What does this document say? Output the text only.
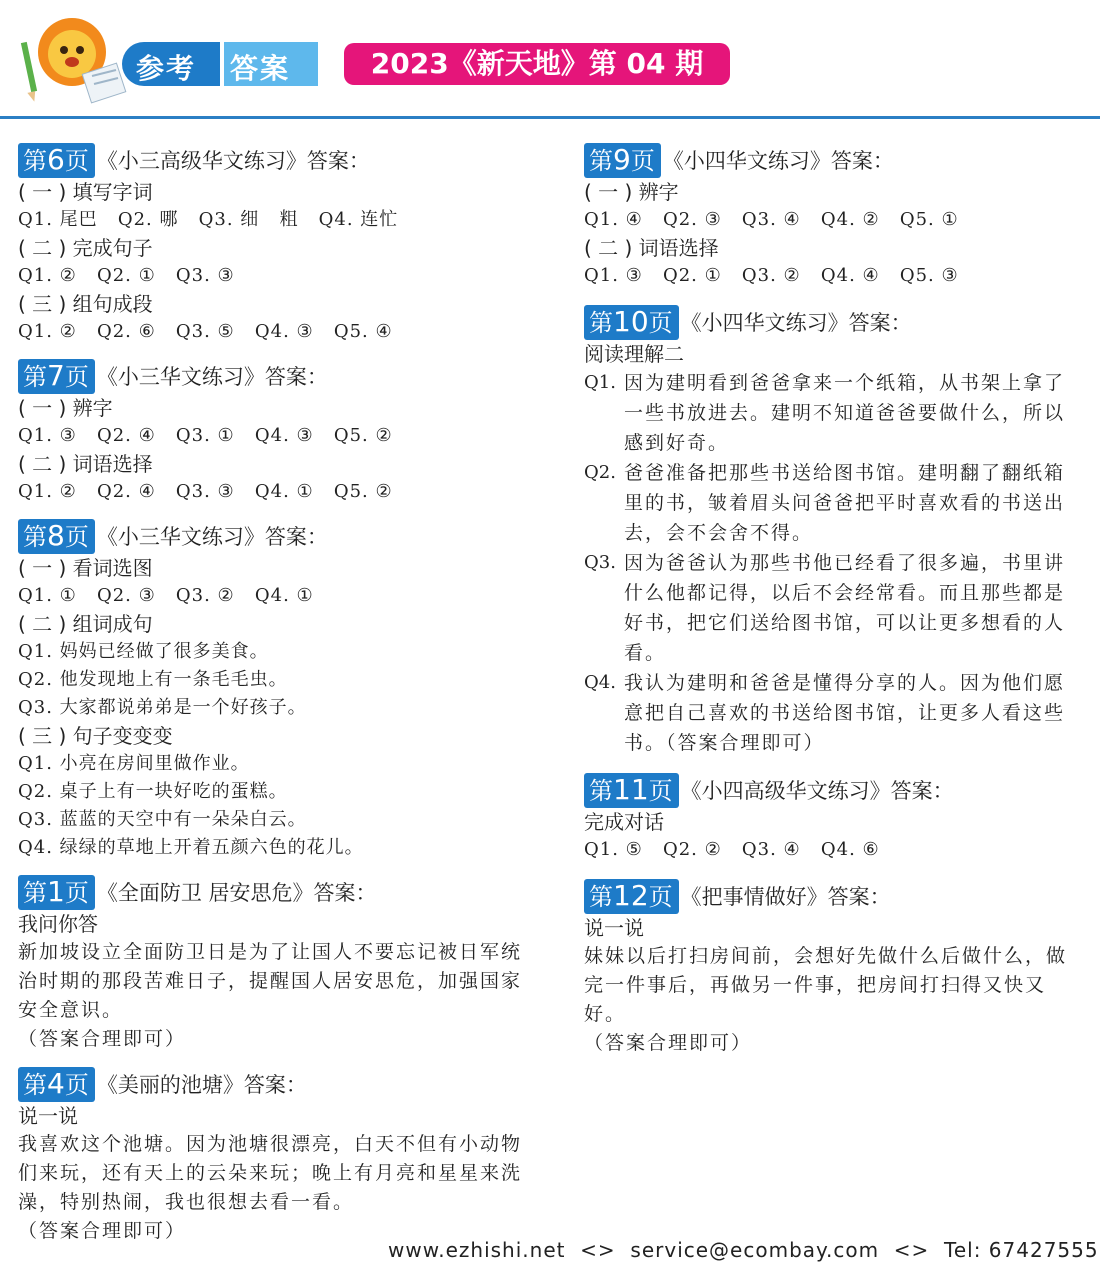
参考 答案	2023《新天地》第 04 期
第6页 《小三高级华文练习》答案：
( 一 ) 填写字词
Q1. 尾巴   Q2. 哪   Q3. 细   粗   Q4. 连忙
( 二 ) 完成句子
Q1. ②   Q2. ①   Q3. ③
( 三 ) 组句成段
Q1. ②   Q2. ⑥   Q3. ⑤   Q4. ③   Q5. ④
第7页 《小三华文练习》答案：
( 一 ) 辨字
Q1. ③   Q2. ④   Q3. ①   Q4. ③   Q5. ②
( 二 ) 词语选择
Q1. ②   Q2. ④   Q3. ③   Q4. ①   Q5. ②
第8页 《小三华文练习》答案：
( 一 ) 看词选图
Q1. ①   Q2. ③   Q3. ②   Q4. ①
( 二 ) 组词成句
Q1. 妈妈已经做了很多美食。
Q2. 他发现地上有一条毛毛虫。
Q3. 大家都说弟弟是一个好孩子。
( 三 ) 句子变变变
Q1. 小亮在房间里做作业。
Q2. 桌子上有一块好吃的蛋糕。
Q3. 蓝蓝的天空中有一朵朵白云。
Q4. 绿绿的草地上开着五颜六色的花儿。
第1页 《全面防卫 居安思危》答案：
我问你答
新加坡设立全面防卫日是为了让国人不要忘记被日军统治时期的那段苦难日子，提醒国人居安思危，加强国家安全意识。
（答案合理即可）
第4页 《美丽的池塘》答案：
说一说
我喜欢这个池塘。因为池塘很漂亮，白天不但有小动物们来玩，还有天上的云朵来玩；晚上有月亮和星星来洗澡，特别热闹，我也很想去看一看。
（答案合理即可）
第9页 《小四华文练习》答案：
( 一 ) 辨字
Q1. ④   Q2. ③   Q3. ④   Q4. ②   Q5. ①
( 二 ) 词语选择
Q1. ③   Q2. ①   Q3. ②   Q4. ④   Q5. ③
第10页 《小四华文练习》答案：
阅读理解二
Q1. 因为建明看到爸爸拿来一个纸箱，从书架上拿了一些书放进去。建明不知道爸爸要做什么，所以感到好奇。
Q2. 爸爸准备把那些书送给图书馆。建明翻了翻纸箱里的书，皱着眉头问爸爸把平时喜欢看的书送出去，会不会舍不得。
Q3. 因为爸爸认为那些书他已经看了很多遍，书里讲什么他都记得，以后不会经常看。而且那些都是好书，把它们送给图书馆，可以让更多想看的人看。
Q4. 我认为建明和爸爸是懂得分享的人。因为他们愿意把自己喜欢的书送给图书馆，让更多人看这些书。（答案合理即可）
第11页 《小四高级华文练习》答案：
完成对话
Q1. ⑤   Q2. ②   Q3. ④   Q4. ⑥
第12页 《把事情做好》答案：
说一说
妹妹以后打扫房间前，会想好先做什么后做什么，做完一件事后，再做另一件事，把房间打扫得又快又好。
（答案合理即可）
www.ezhishi.net  <>  service@ecombay.com  <>  Tel: 67427555
